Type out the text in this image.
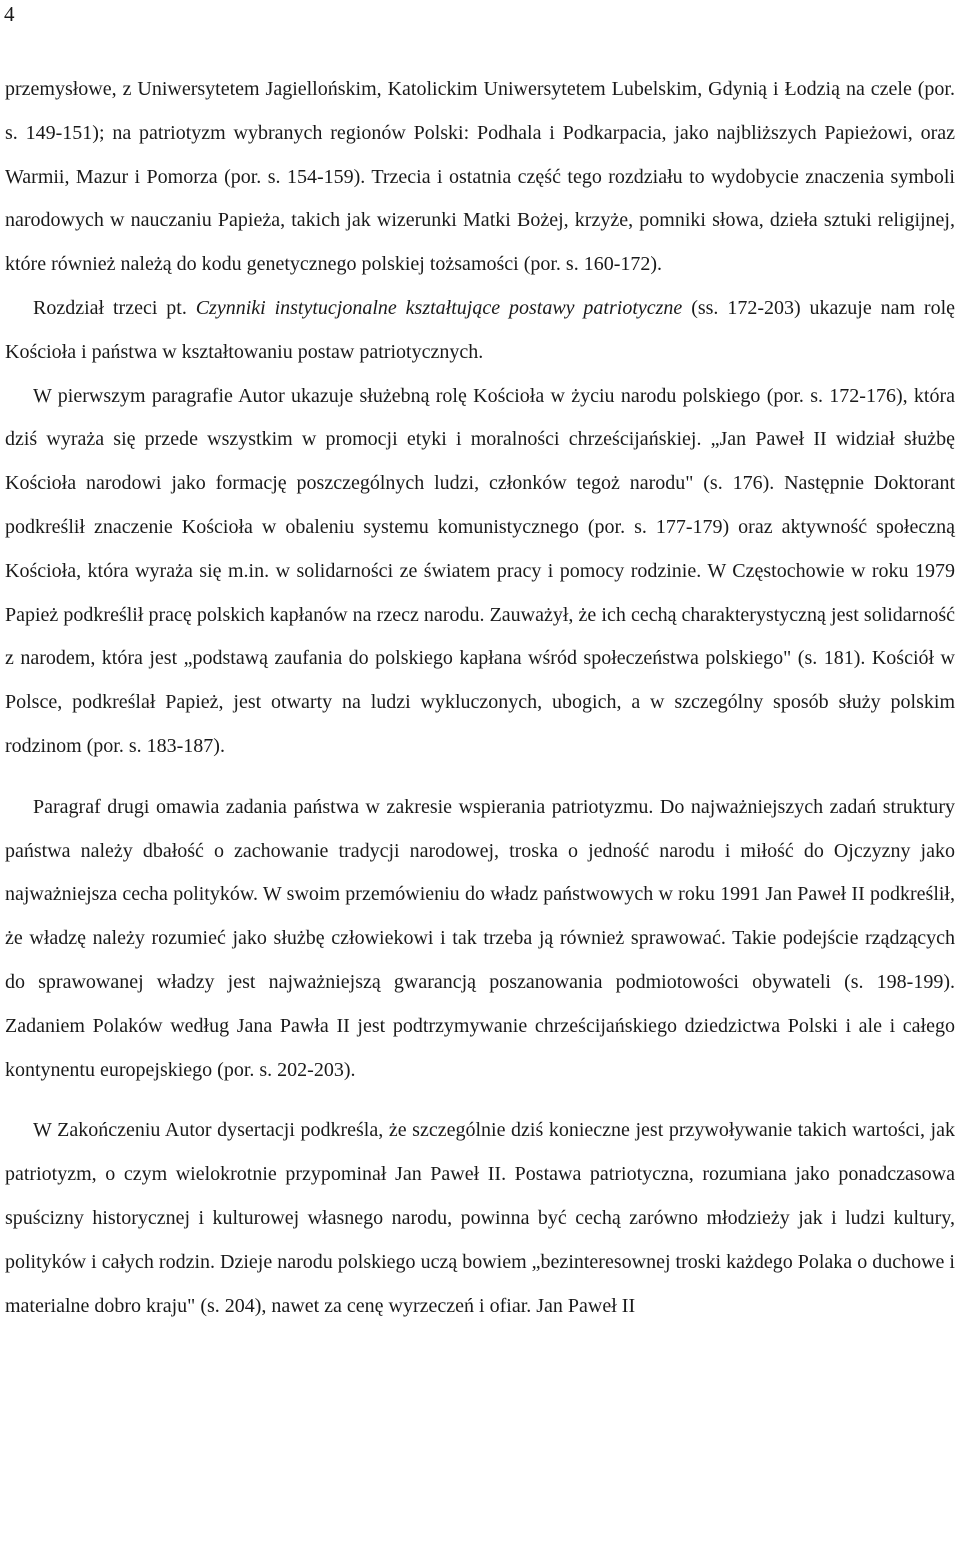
4

przemysłowe, z Uniwersytetem Jagiellońskim, Katolickim Uniwersytetem Lubelskim, Gdynią i Łodzią na czele (por. s. 149-151); na patriotyzm wybranych regionów Polski: Podhala i Podkarpacia, jako najbliższych Papieżowi, oraz Warmii, Mazur i Pomorza (por. s. 154-159). Trzecia i ostatnia część tego rozdziału to wydobycie znaczenia symboli narodowych w nauczaniu Papieża, takich jak wizerunki Matki Bożej, krzyże, pomniki słowa, dzieła sztuki religijnej, które również należą do kodu genetycznego polskiej tożsamości (por. s. 160-172).

Rozdział trzeci pt. Czynniki instytucjonalne kształtujące postawy patriotyczne (ss. 172-203) ukazuje nam rolę Kościoła i państwa w kształtowaniu postaw patriotycznych.

W pierwszym paragrafie Autor ukazuje służebną rolę Kościoła w życiu narodu polskiego (por. s. 172-176), która dziś wyraża się przede wszystkim w promocji etyki i moralności chrześcijańskiej. „Jan Paweł II widział służbę Kościoła narodowi jako formację poszczególnych ludzi, członków tegoż narodu" (s. 176). Następnie Doktorant podkreślił znaczenie Kościoła w obaleniu systemu komunistycznego (por. s. 177-179) oraz aktywność społeczną Kościoła, która wyraża się m.in. w solidarności ze światem pracy i pomocy rodzinie. W Częstochowie w roku 1979 Papież podkreślił pracę polskich kapłanów na rzecz narodu. Zauważył, że ich cechą charakterystyczną jest solidarność z narodem, która jest „podstawą zaufania do polskiego kapłana wśród społeczeństwa polskiego" (s. 181). Kościół w Polsce, podkreślał Papież, jest otwarty na ludzi wykluczonych, ubogich, a w szczególny sposób służy polskim rodzinom (por. s. 183-187).

Paragraf drugi omawia zadania państwa w zakresie wspierania patriotyzmu. Do najważniejszych zadań struktury państwa należy dbałość o zachowanie tradycji narodowej, troska o jedność narodu i miłość do Ojczyzny jako najważniejsza cecha polityków. W swoim przemówieniu do władz państwowych w roku 1991 Jan Paweł II podkreślił, że władzę należy rozumieć jako służbę człowiekowi i tak trzeba ją również sprawować. Takie podejście rządzących do sprawowanej władzy jest najważniejszą gwarancją poszanowania podmiotowości obywateli (s. 198-199). Zadaniem Polaków według Jana Pawła II jest podtrzymywanie chrześcijańskiego dziedzictwa Polski i ale i całego kontynentu europejskiego (por. s. 202-203).

W Zakończeniu Autor dysertacji podkreśla, że szczególnie dziś konieczne jest przywoływanie takich wartości, jak patriotyzm, o czym wielokrotnie przypominał Jan Paweł II. Postawa patriotyczna, rozumiana jako ponadczasowa spuścizny historycznej i kulturowej własnego narodu, powinna być cechą zarówno młodzieży jak i ludzi kultury, polityków i całych rodzin. Dzieje narodu polskiego uczą bowiem „bezinteresownej troski każdego Polaka o duchowe i materialne dobro kraju" (s. 204), nawet za cenę wyrzeczeń i ofiar. Jan Paweł II
